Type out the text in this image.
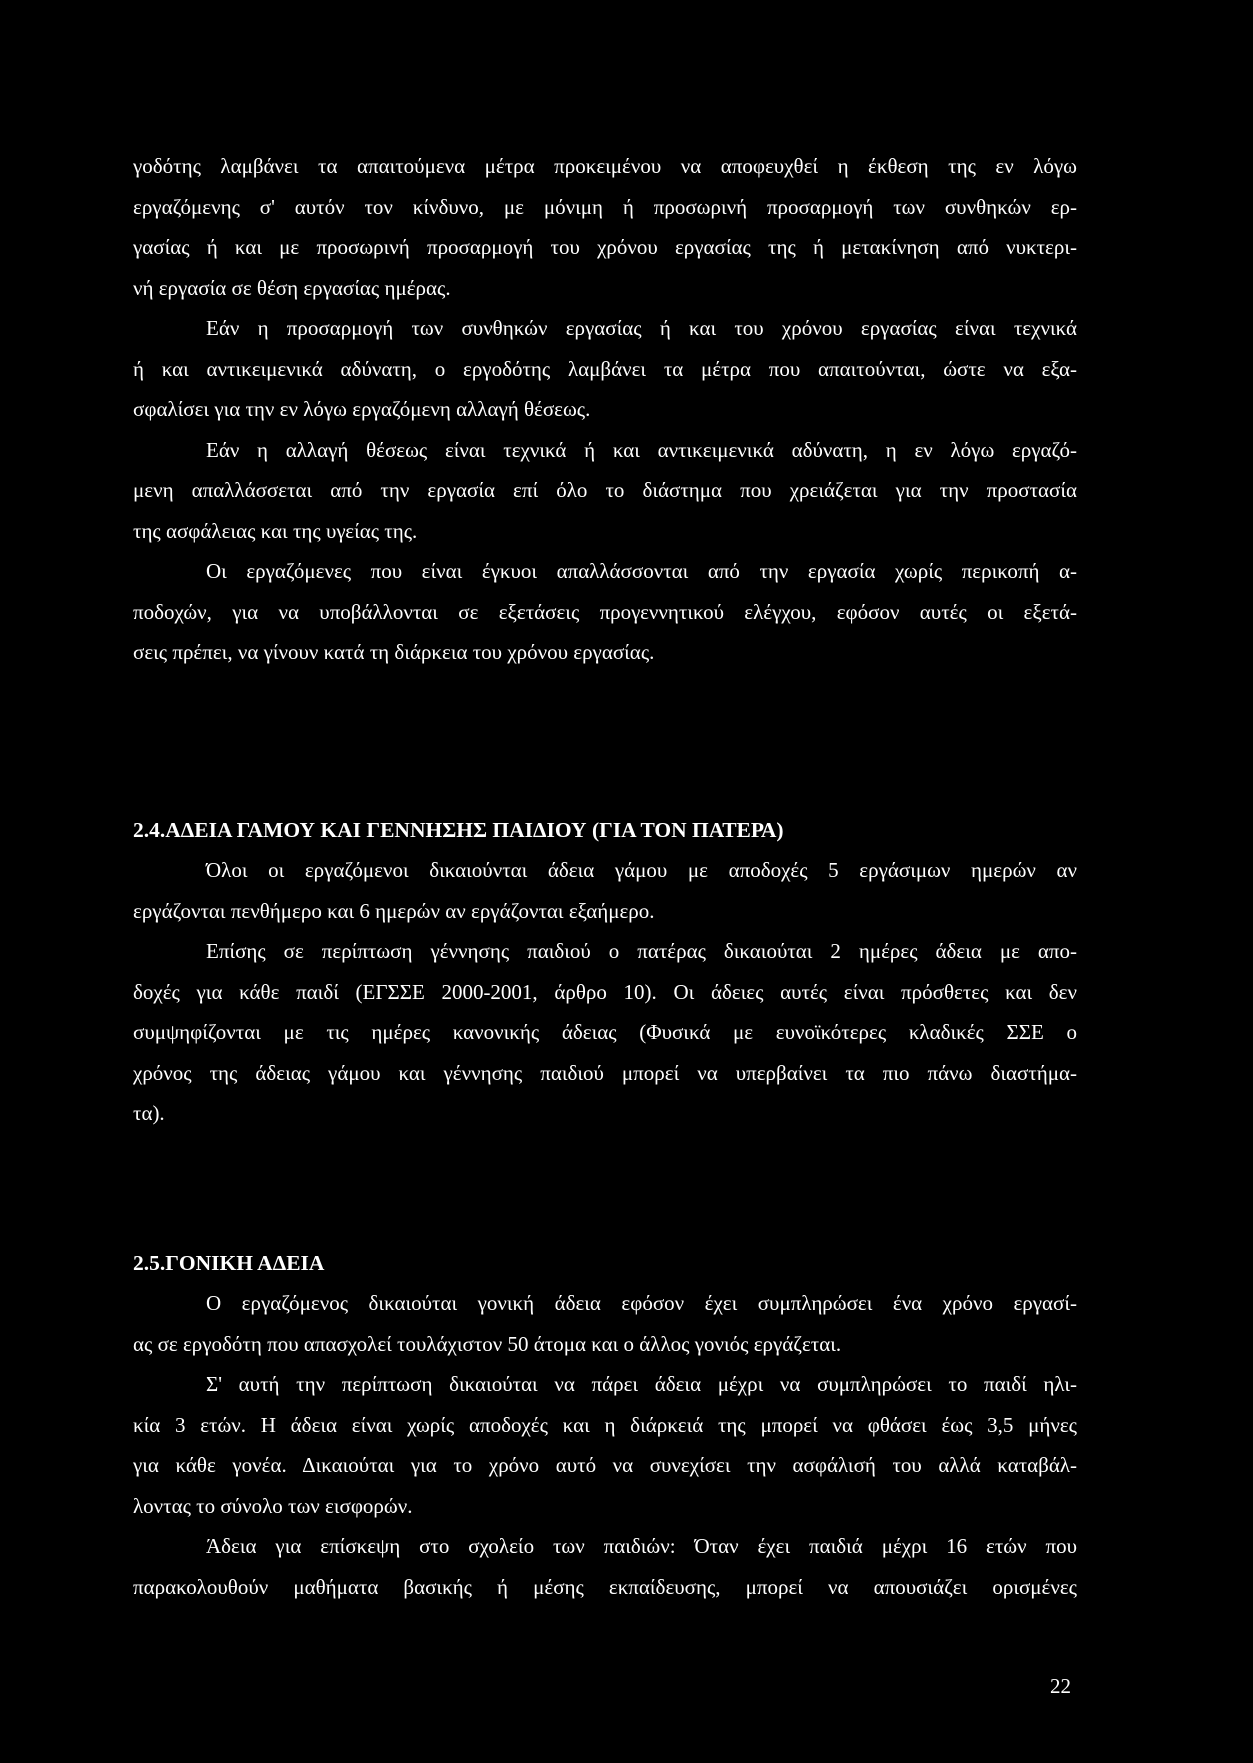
γοδότης λαμβάνει τα απαιτούμενα μέτρα προκειμένου να αποφευχθεί η έκθεση της εν λόγω
εργαζόμενης σ' αυτόν τον κίνδυνο, με μόνιμη ή προσωρινή προσαρμογή των συνθηκών ερ-
γασίας ή και με προσωρινή προσαρμογή του χρόνου εργασίας της ή μετακίνηση από νυκτερι-
νή εργασία σε θέση εργασίας ημέρας.
Εάν η προσαρμογή των συνθηκών εργασίας ή και του χρόνου εργασίας είναι τεχνικά
ή και αντικειμενικά αδύνατη, ο εργοδότης λαμβάνει τα μέτρα που απαιτούνται, ώστε να εξα-
σφαλίσει για την εν λόγω εργαζόμενη αλλαγή θέσεως.
Εάν η αλλαγή θέσεως είναι τεχνικά ή και αντικειμενικά αδύνατη, η εν λόγω εργαζό-
μενη απαλλάσσεται από την εργασία επί όλο το διάστημα που χρειάζεται για την προστασία
της ασφάλειας και της υγείας της.
Οι εργαζόμενες που είναι έγκυοι απαλλάσσονται από την εργασία χωρίς περικοπή α-
ποδοχών, για να υποβάλλονται σε εξετάσεις προγεννητικού ελέγχου, εφόσον αυτές οι εξετά-
σεις πρέπει, να γίνουν κατά τη διάρκεια του χρόνου εργασίας.
2.4.ΑΔΕΙΑ ΓΑΜΟΥ ΚΑΙ ΓΕΝΝΗΣΗΣ ΠΑΙΔΙΟΥ (ΓΙΑ ΤΟΝ ΠΑΤΕΡΑ)
Όλοι οι εργαζόμενοι δικαιούνται άδεια γάμου με αποδοχές 5 εργάσιμων ημερών αν
εργάζονται πενθήμερο και 6 ημερών αν εργάζονται εξαήμερο.
Επίσης σε περίπτωση γέννησης παιδιού ο πατέρας δικαιούται 2 ημέρες άδεια με απο-
δοχές για κάθε παιδί (ΕΓΣΣΕ 2000-2001, άρθρο 10). Οι άδειες αυτές είναι πρόσθετες και δεν
συμψηφίζονται με τις ημέρες κανονικής άδειας (Φυσικά με ευνοϊκότερες κλαδικές ΣΣΕ ο
χρόνος της άδειας γάμου και γέννησης παιδιού μπορεί να υπερβαίνει τα πιο πάνω διαστήμα-
τα).
2.5.ΓΟΝΙΚΗ ΑΔΕΙΑ
Ο εργαζόμενος δικαιούται γονική άδεια εφόσον έχει συμπληρώσει ένα χρόνο εργασί-
ας σε εργοδότη που απασχολεί τουλάχιστον 50 άτομα και ο άλλος γονιός εργάζεται.
Σ' αυτή την περίπτωση δικαιούται να πάρει άδεια μέχρι να συμπληρώσει το παιδί ηλι-
κία 3 ετών. Η άδεια είναι χωρίς αποδοχές και η διάρκειά της μπορεί να φθάσει έως 3,5 μήνες
για κάθε γονέα. Δικαιούται για το χρόνο αυτό να συνεχίσει την ασφάλισή του αλλά καταβάλ-
λοντας το σύνολο των εισφορών.
Άδεια για επίσκεψη στο σχολείο των παιδιών: Όταν έχει παιδιά μέχρι 16 ετών που
παρακολουθούν μαθήματα βασικής ή μέσης εκπαίδευσης, μπορεί να απουσιάζει ορισμένες
22
